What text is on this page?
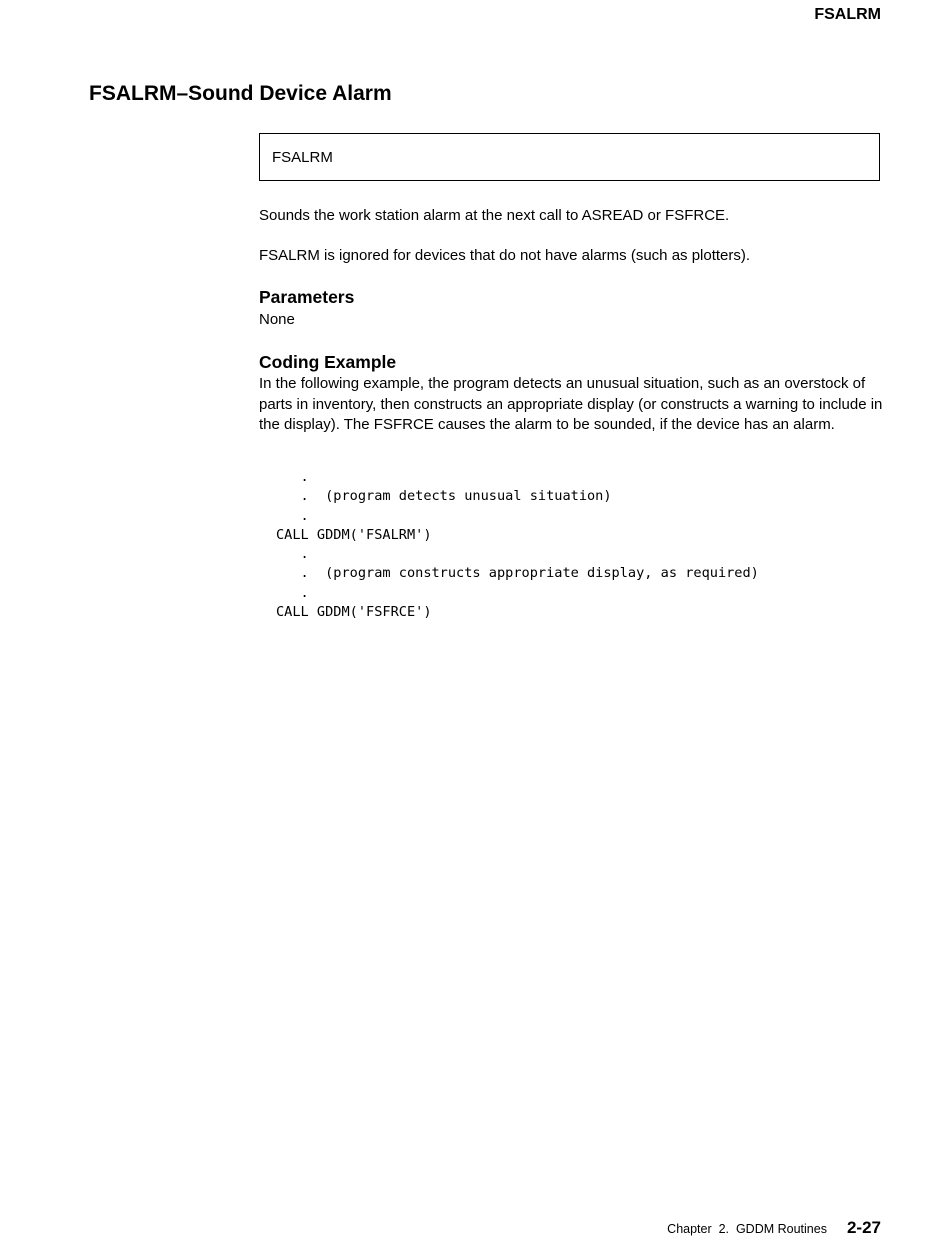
FSALRM
FSALRM–Sound Device Alarm
FSALRM

Sounds the work station alarm at the next call to ASREAD or FSFRCE.

FSALRM is ignored for devices that do not have alarms (such as plotters).

Parameters

None

Coding Example

In the following example, the program detects an unusual situation, such as an overstock of parts in inventory, then constructs an appropriate display (or constructs a warning to include in the display). The FSFRCE causes the alarm to be sounded, if the device has an alarm.

.
.  (program detects unusual situation)
.
CALL GDDM('FSALRM')
.
.  (program constructs appropriate display, as required)
.
CALL GDDM('FSFRCE')
Chapter  2.  GDDM Routines 2-27
